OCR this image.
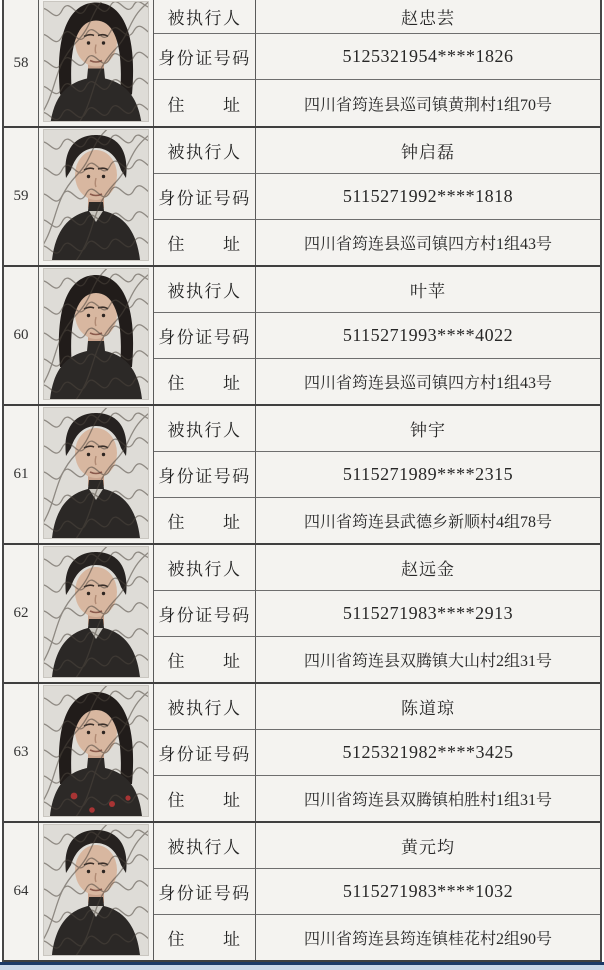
58
被执行人	赵忠芸
身份证号码	5125321954****1826
住　　址	四川省筠连县巡司镇黄荆村1组70号
59
被执行人	钟启磊
身份证号码	5115271992****1818
住　　址	四川省筠连县巡司镇四方村1组43号
60
被执行人	叶苹
身份证号码	5115271993****4022
住　　址	四川省筠连县巡司镇四方村1组43号
61
被执行人	钟宇
身份证号码	5115271989****2315
住　　址	四川省筠连县武德乡新顺村4组78号
62
被执行人	赵远金
身份证号码	5115271983****2913
住　　址	四川省筠连县双腾镇大山村2组31号
63
被执行人	陈道琼
身份证号码	5125321982****3425
住　　址	四川省筠连县双腾镇柏胜村1组31号
64
被执行人	黄元均
身份证号码	5115271983****1032
住　　址	四川省筠连县筠连镇桂花村2组90号
